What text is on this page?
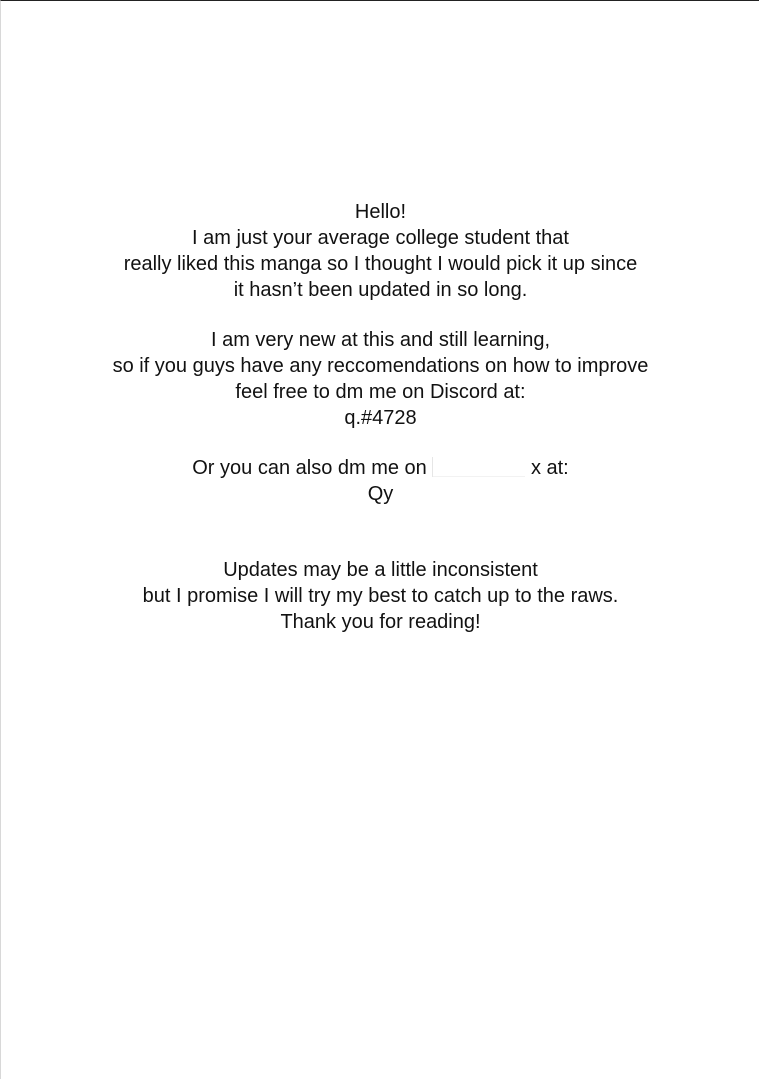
Hello!
I am just your average college student that
really liked this manga so I thought I would pick it up since
it hasn’t been updated in so long.
I am very new at this and still learning,
so if you guys have any reccomendations on how to improve
feel free to dm me on Discord at:
q.#4728
Or you can also dm me on	x at:
Qy
Updates may be a little inconsistent
but I promise I will try my best to catch up to the raws.
Thank you for reading!
